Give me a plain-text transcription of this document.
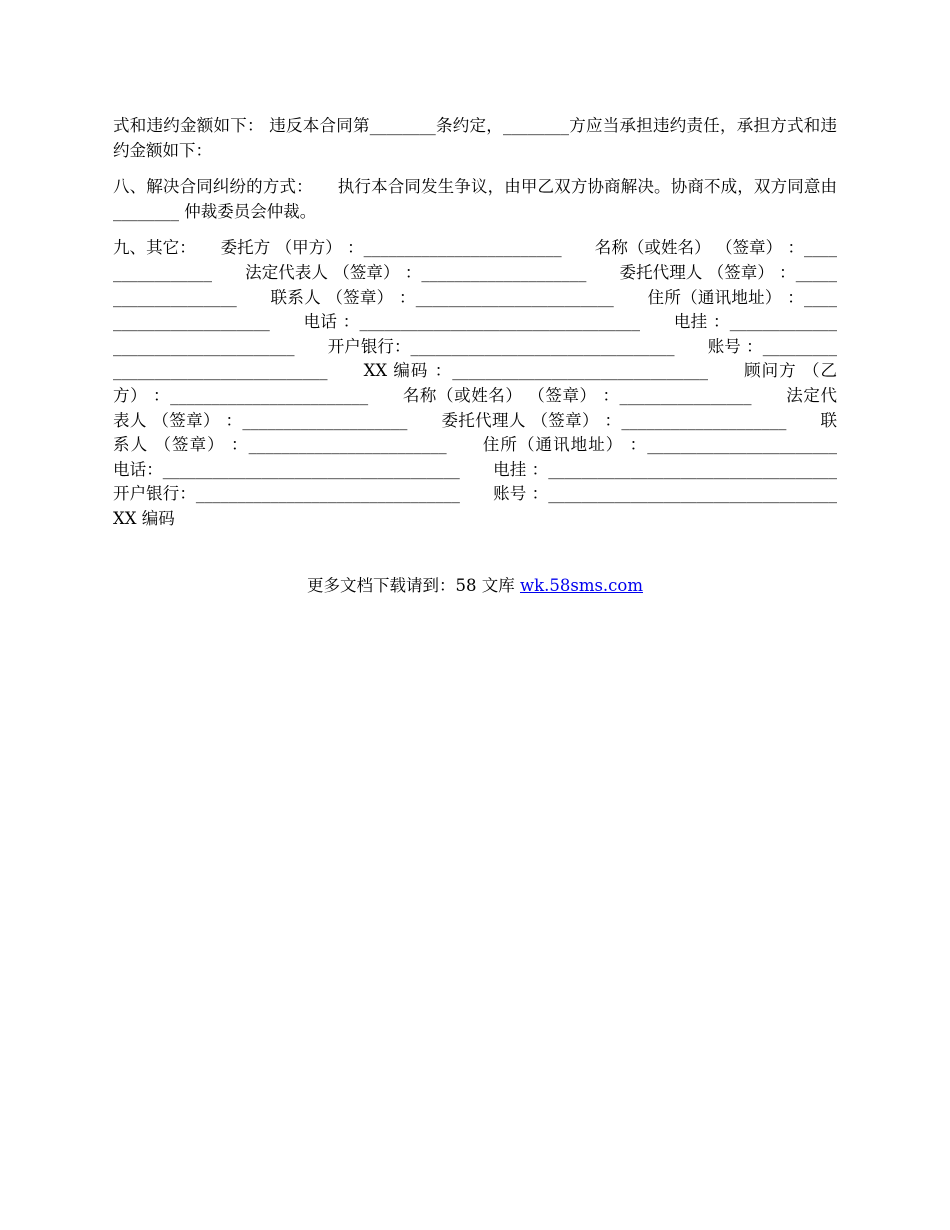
式和违约金额如下： 违反本合同第________条约定，________方应当承担违约责任，承担方式和违约金额如下：

八、解决合同纠纷的方式：　　执行本合同发生争议，由甲乙双方协商解决。协商不成，双方同意由________ 仲裁委员会仲裁。

九、其它：　　委托方 （甲方） ：________________________　　名称（或姓名） （签章） ：________________　　法定代表人 （签章） ：____________________　　委托代理人 （签章） ：____________________　　联系人 （签章） ：________________________　　住所（通讯地址） ：_______________________　　电话 ：__________________________________　　电挂 ：___________________________________　　开户银行：________________________________　　账号 ：___________________________________　　XX 编码 ：_______________________________　　顾问方 （乙方） ：________________________　　名称（或姓名） （签章） ：________________　　法定代表人 （签章） ：____________________　　委托代理人 （签章） ：____________________　　联系人 （签章） ：________________________　　住所（通讯地址） ：_______________________　　电话：____________________________________　　电挂 ：___________________________________　　开户银行：________________________________　　账号 ：___________________________________　　XX 编码

更多文档下载请到：58 文库 wk.58sms.com
